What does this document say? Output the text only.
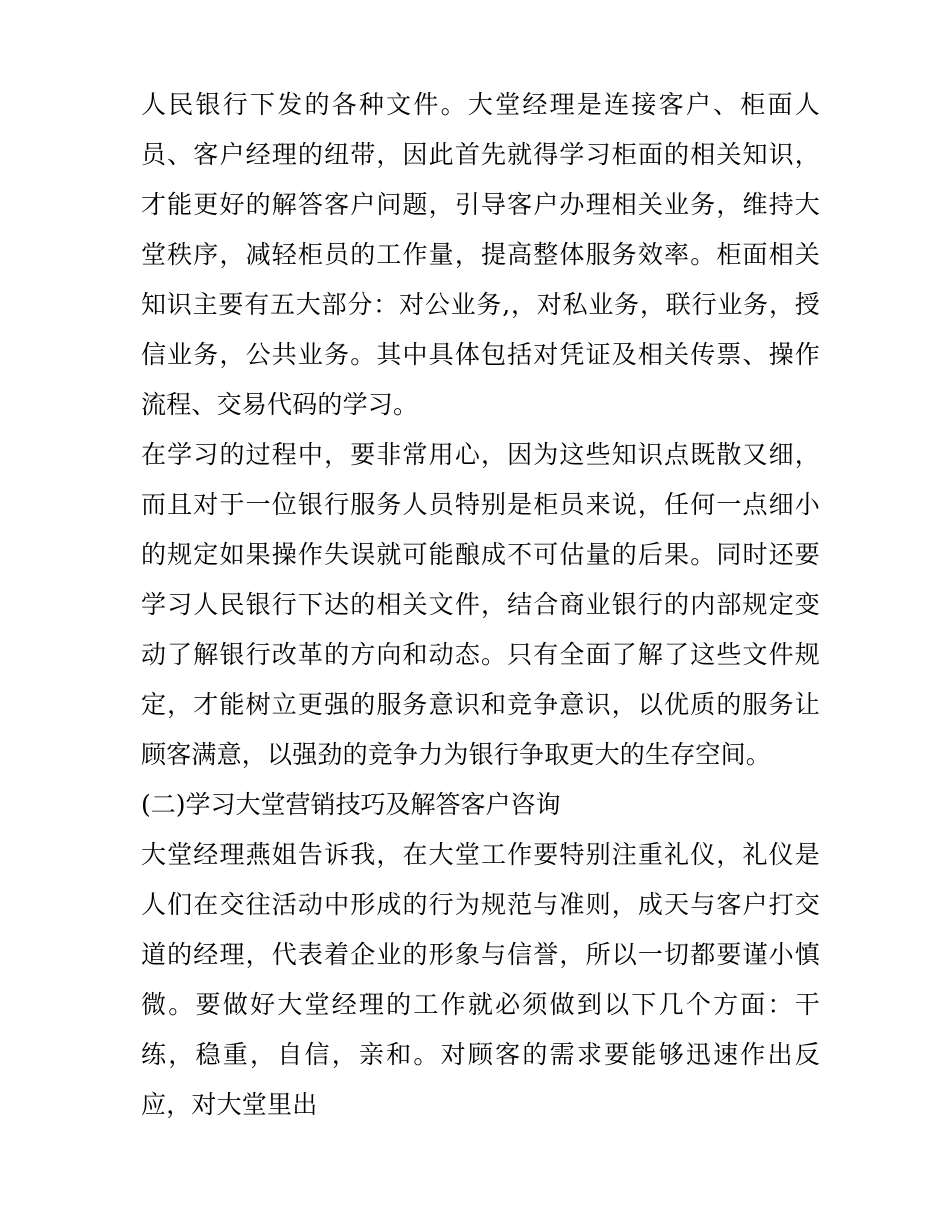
人民银行下发的各种文件。大堂经理是连接客户、柜面人员、客户经理的纽带，因此首先就得学习柜面的相关知识，才能更好的解答客户问题，引导客户办理相关业务，维持大堂秩序，减轻柜员的工作量，提高整体服务效率。柜面相关知识主要有五大部分：对公业务,，对私业务，联行业务，授信业务，公共业务。其中具体包括对凭证及相关传票、操作流程、交易代码的学习。

在学习的过程中，要非常用心，因为这些知识点既散又细，而且对于一位银行服务人员特别是柜员来说，任何一点细小的规定如果操作失误就可能酿成不可估量的后果。同时还要学习人民银行下达的相关文件，结合商业银行的内部规定变动了解银行改革的方向和动态。只有全面了解了这些文件规定，才能树立更强的服务意识和竞争意识，以优质的服务让顾客满意，以强劲的竞争力为银行争取更大的生存空间。

(二)学习大堂营销技巧及解答客户咨询

大堂经理燕姐告诉我，在大堂工作要特别注重礼仪，礼仪是人们在交往活动中形成的行为规范与准则，成天与客户打交道的经理，代表着企业的形象与信誉，所以一切都要谨小慎微。要做好大堂经理的工作就必须做到以下几个方面：干练，稳重，自信，亲和。对顾客的需求要能够迅速作出反应，对大堂里出
